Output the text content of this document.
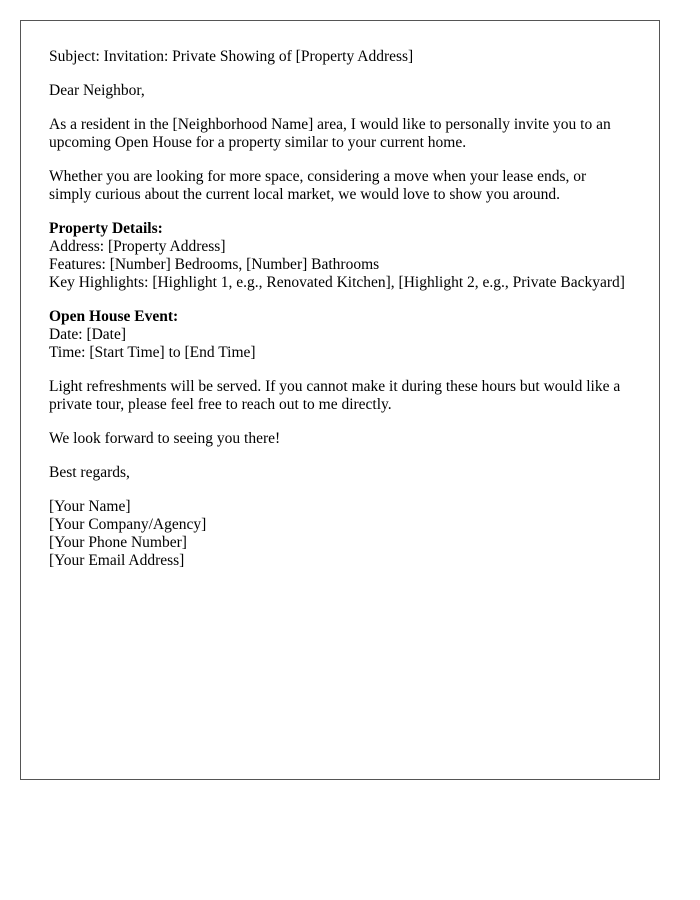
Subject: Invitation: Private Showing of [Property Address]

Dear Neighbor,

As a resident in the [Neighborhood Name] area, I would like to personally invite you to an upcoming Open House for a property similar to your current home.

Whether you are looking for more space, considering a move when your lease ends, or simply curious about the current local market, we would love to show you around.

Property Details:
Address: [Property Address]
Features: [Number] Bedrooms, [Number] Bathrooms
Key Highlights: [Highlight 1, e.g., Renovated Kitchen], [Highlight 2, e.g., Private Backyard]
Open House Event:
Date: [Date]
Time: [Start Time] to [End Time]

Light refreshments will be served. If you cannot make it during these hours but would like a private tour, please feel free to reach out to me directly.

We look forward to seeing you there!

Best regards,

[Your Name]
[Your Company/Agency]
[Your Phone Number]
[Your Email Address]
